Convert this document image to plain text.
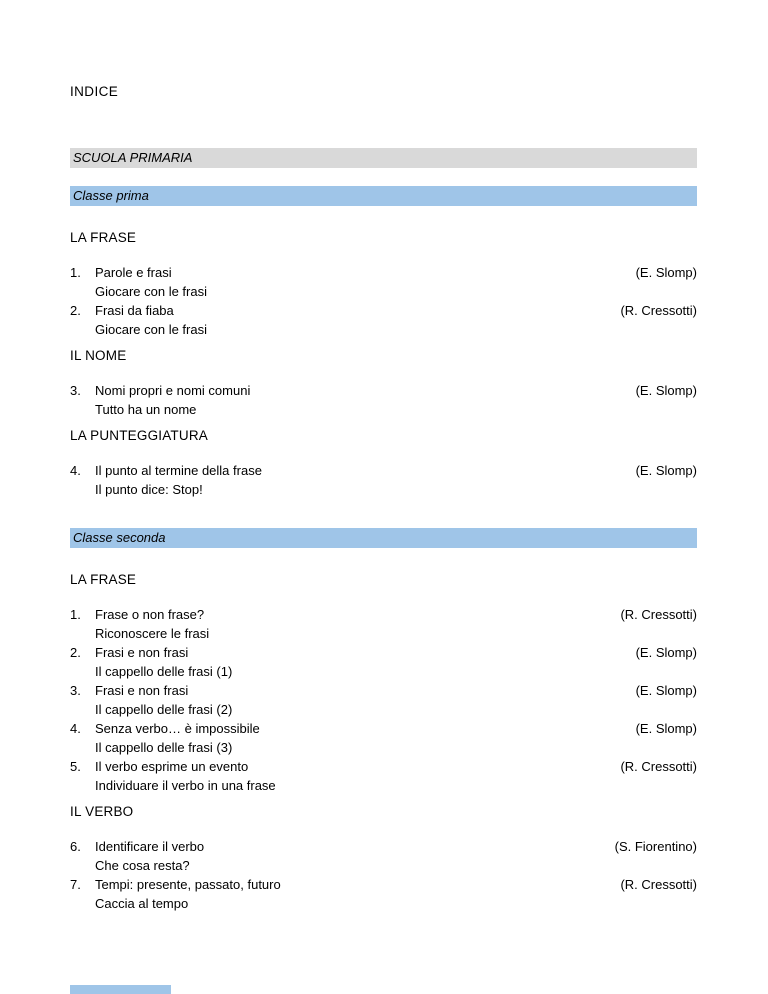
INDICE
SCUOLA PRIMARIA
Classe prima
LA FRASE
1.	Parole e frasi	(E. Slomp)
Giocare con le frasi
2.	Frasi da fiaba	(R. Cressotti)
Giocare con le frasi
IL NOME
3.	Nomi propri e nomi comuni	(E. Slomp)
Tutto ha un nome
LA PUNTEGGIATURA
4.	Il punto al termine della frase	(E. Slomp)
Il punto dice: Stop!
Classe seconda
LA FRASE
1.	Frase o non frase?	(R. Cressotti)
Riconoscere le frasi
2.	Frasi e non frasi	(E. Slomp)
Il cappello delle frasi (1)
3.	Frasi e non frasi	(E. Slomp)
Il cappello delle frasi (2)
4.	Senza verbo… è impossibile	(E. Slomp)
Il cappello delle frasi (3)
5.	Il verbo esprime un evento	(R. Cressotti)
Individuare il verbo in una frase
IL VERBO
6.	Identificare il verbo	(S. Fiorentino)
Che cosa resta?
7.	Tempi: presente, passato, futuro	(R. Cressotti)
Caccia al tempo
